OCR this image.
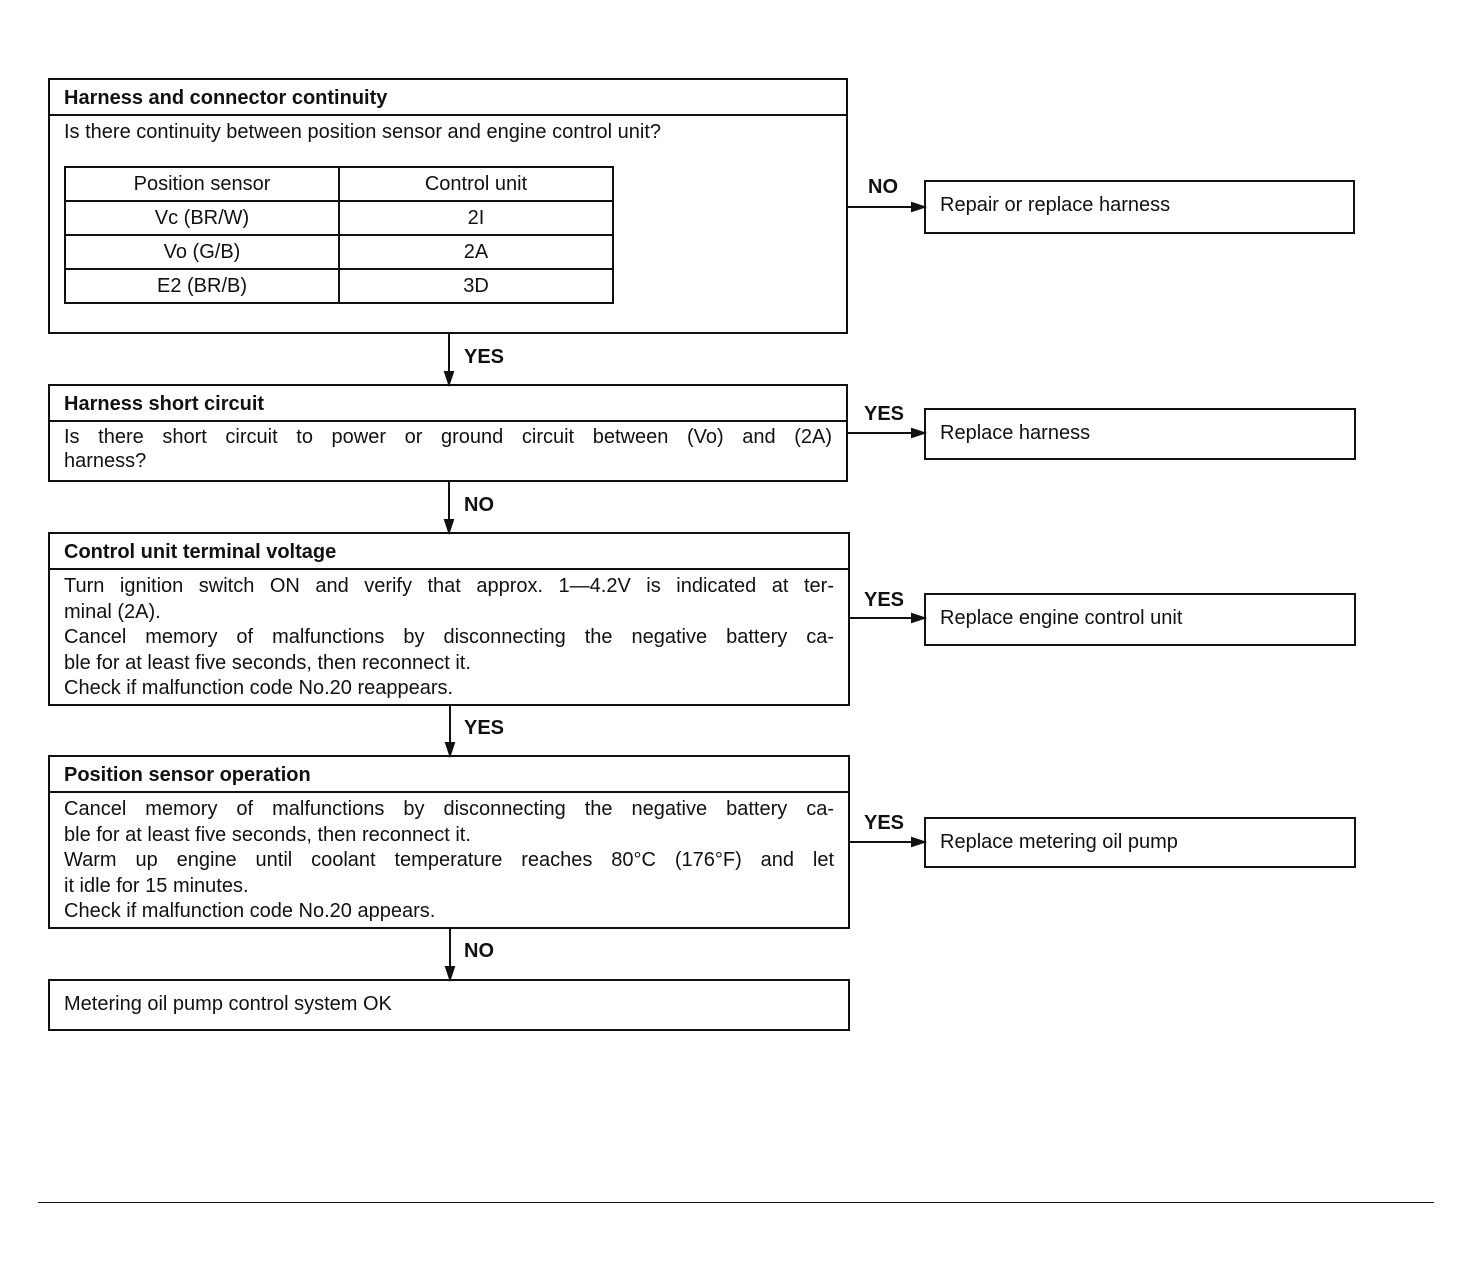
Harness and connector continuity
Is there continuity between position sensor and engine control unit?
Position sensor	Control unit
Vc (BR/W)	2I
Vo (G/B)	2A
E2 (BR/B)	3D
Harness short circuit
Is there short circuit to power or ground circuit between (Vo) and (2A)
harness?
Control unit terminal voltage
Turn ignition switch ON and verify that approx. 1—4.2V is indicated at ter-
minal (2A).
Cancel memory of malfunctions by disconnecting the negative battery ca-
ble for at least five seconds, then reconnect it.
Check if malfunction code No.20 reappears.
Position sensor operation
Cancel memory of malfunctions by disconnecting the negative battery ca-
ble for at least five seconds, then reconnect it.
Warm up engine until coolant temperature reaches 80°C (176°F) and let
it idle for 15 minutes.
Check if malfunction code No.20 appears.
Metering oil pump control system OK
Repair or replace harness
Replace harness
Replace engine control unit
Replace metering oil pump
NO
YES
YES
YES
YES
NO
YES
NO
